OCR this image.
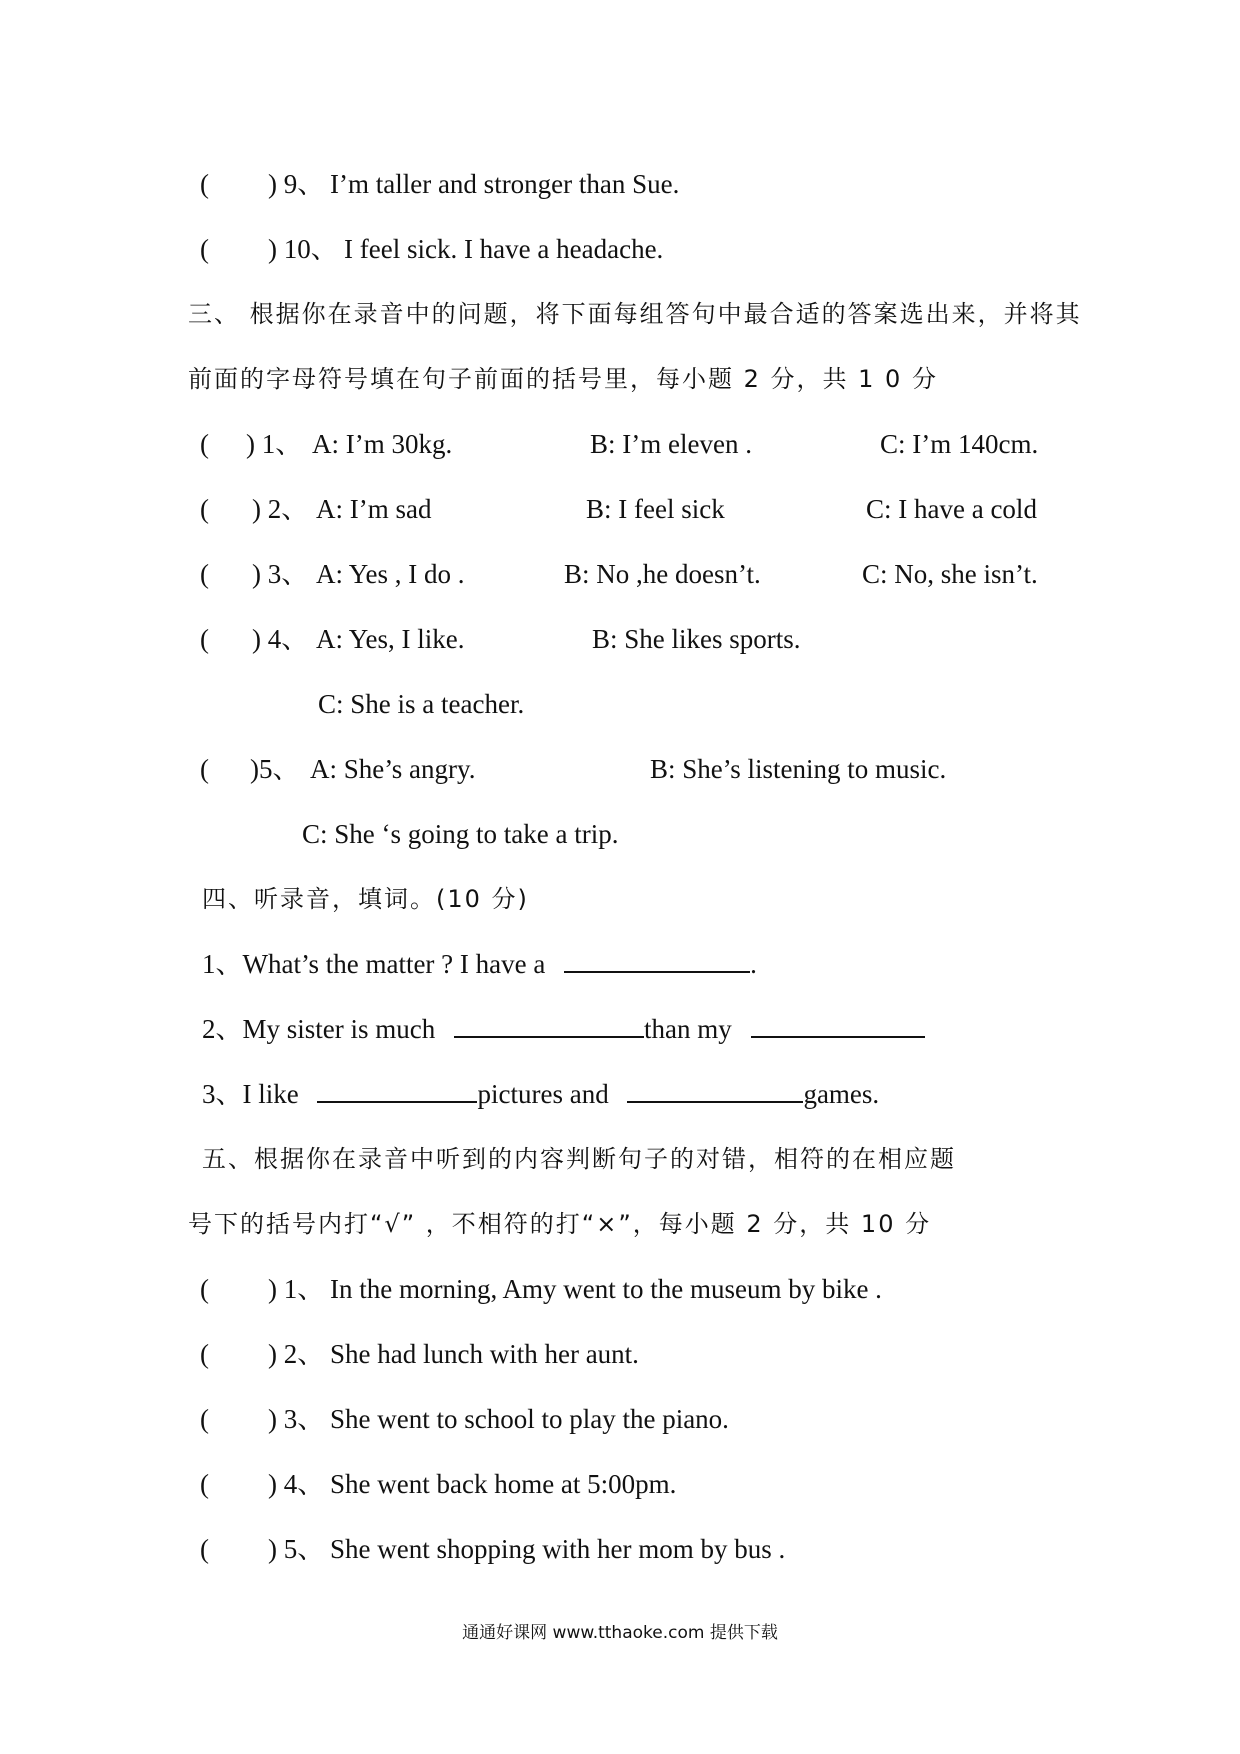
( ) 9、 I’m taller and stronger than Sue.
( ) 10、 I feel sick. I have a headache.
三、 根据你在录音中的问题，将下面每组答句中最合适的答案选出来，并将其
前面的字母符号填在句子前面的括号里，每小题 2 分，共 1 0 分
( ) 1、 A: I’m 30kg.	B: I’m eleven .	C: I’m 140cm.
( ) 2、 A: I’m sad	B: I feel sick	C: I have a cold
( ) 3、 A: Yes , I do .	B: No ,he doesn’t.	C: No, she isn’t.
( ) 4、 A: Yes, I like.	B: She likes sports.
C: She is a teacher.
( )5、 A: She’s angry.	B: She’s listening to music.
C: She ‘s going to take a trip.
四、听录音，填词。(10 分)
1、What’s the matter ? I have a	.
2、My sister is much	than my
3、I like	pictures and	games.
五、根据你在录音中听到的内容判断句子的对错，相符的在相应题
号下的括号内打“√” ，不相符的打“×”，每小题 2 分，共 10 分
( ) 1、 In the morning, Amy went to the museum by bike .
( ) 2、 She had lunch with her aunt.
( ) 3、 She went to school to play the piano.
( ) 4、 She went back home at 5:00pm.
( ) 5、 She went shopping with her mom by bus .
通通好课网 www.tthaoke.com 提供下载
